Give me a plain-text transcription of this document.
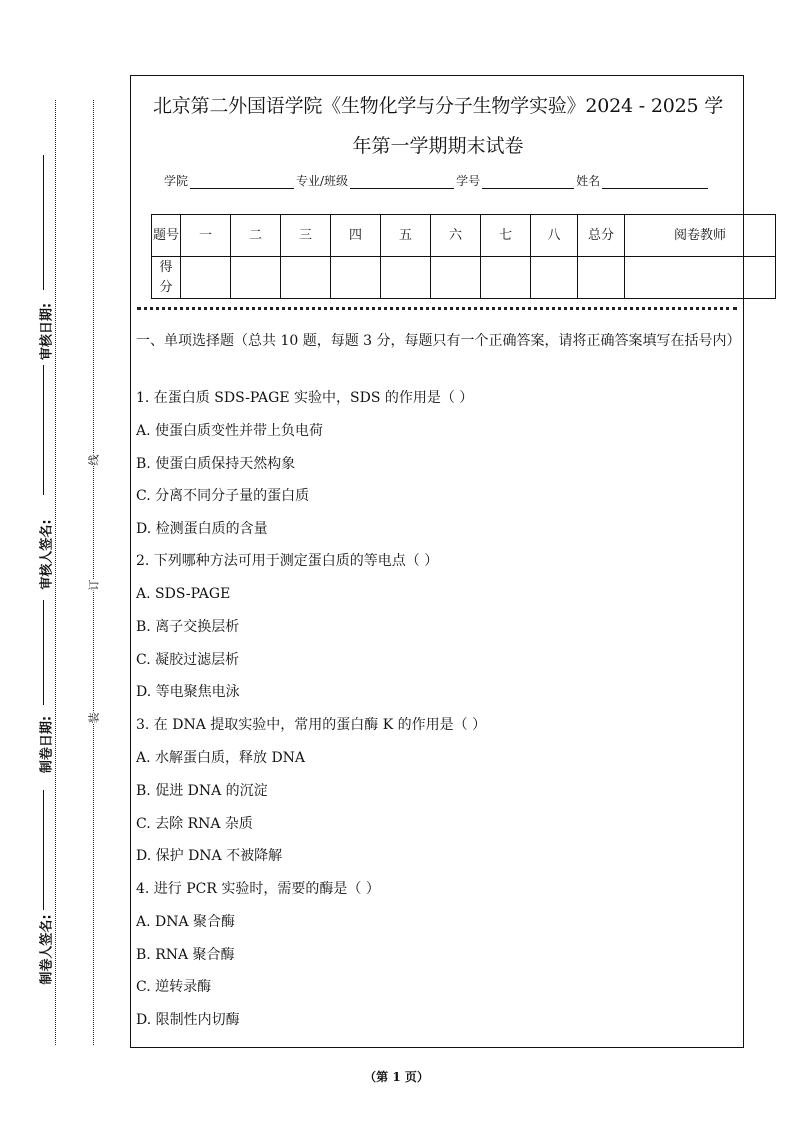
审核日期:
审核人签名:
制卷日期:
制卷人签名:
线
订
装
北京第二外国语学院《生物化学与分子生物学实验》2024 - 2025 学
年第一学期期末试卷
学院	专业/班级	学号	姓名
题号	一	二	三	四	五	六	七	八	总分	阅卷教师
得分										
一、单项选择题（总共 10 题，每题 3 分，每题只有一个正确答案，请将正确答案填写在括号内）
1. 在蛋白质 SDS-PAGE 实验中，SDS 的作用是（ ）
A. 使蛋白质变性并带上负电荷
B. 使蛋白质保持天然构象
C. 分离不同分子量的蛋白质
D. 检测蛋白质的含量
2. 下列哪种方法可用于测定蛋白质的等电点（ ）
A. SDS-PAGE
B. 离子交换层析
C. 凝胶过滤层析
D. 等电聚焦电泳
3. 在 DNA 提取实验中，常用的蛋白酶 K 的作用是（ ）
A. 水解蛋白质，释放 DNA
B. 促进 DNA 的沉淀
C. 去除 RNA 杂质
D. 保护 DNA 不被降解
4. 进行 PCR 实验时，需要的酶是（ ）
A. DNA 聚合酶
B. RNA 聚合酶
C. 逆转录酶
D. 限制性内切酶
（第 1 页）
